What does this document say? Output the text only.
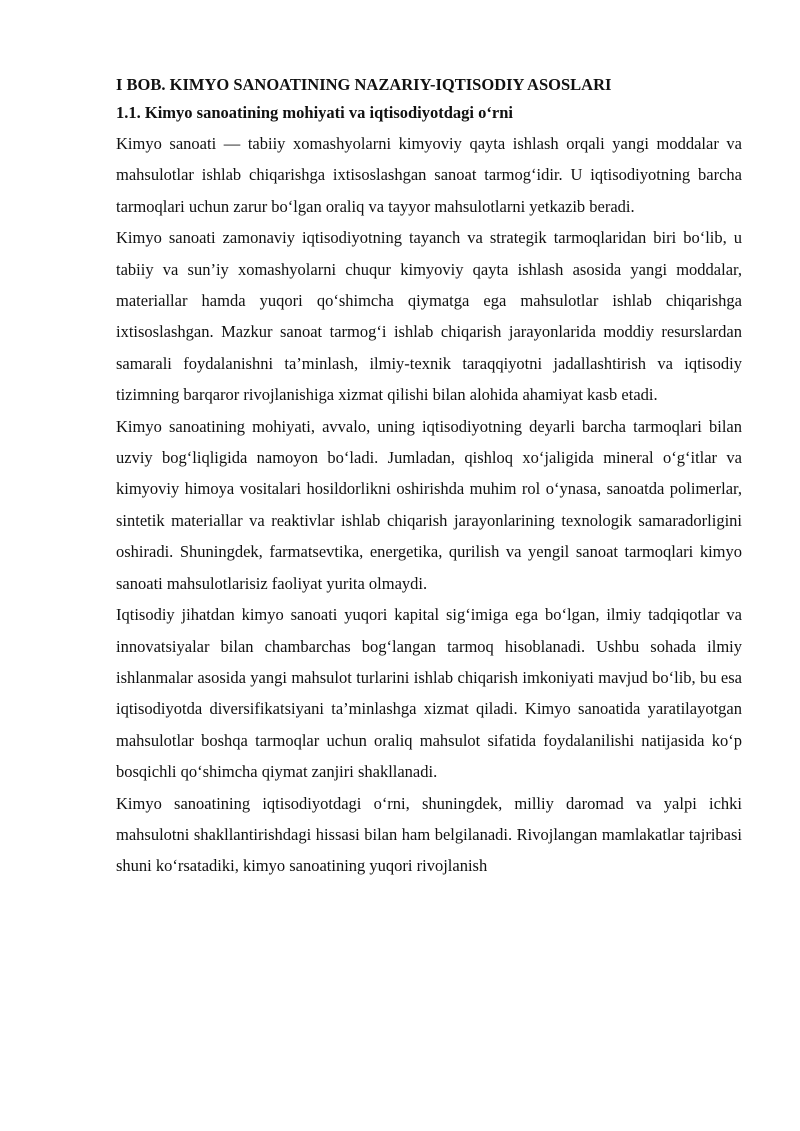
I BOB. KIMYO SANOATINING NAZARIY-IQTISODIY ASOSLARI
1.1. Kimyo sanoatining mohiyati va iqtisodiyotdagi o‘rni

Kimyo sanoati — tabiiy xomashyolarni kimyoviy qayta ishlash orqali yangi moddalar va mahsulotlar ishlab chiqarishga ixtisoslashgan sanoat tarmog‘idir. U iqtisodiyotning barcha tarmoqlari uchun zarur bo‘lgan oraliq va tayyor mahsulotlarni yetkazib beradi.

Kimyo sanoati zamonaviy iqtisodiyotning tayanch va strategik tarmoqlaridan biri bo‘lib, u tabiiy va sun’iy xomashyolarni chuqur kimyoviy qayta ishlash asosida yangi moddalar, materiallar hamda yuqori qo‘shimcha qiymatga ega mahsulotlar ishlab chiqarishga ixtisoslashgan. Mazkur sanoat tarmog‘i ishlab chiqarish jarayonlarida moddiy resurslardan samarali foydalanishni ta’minlash, ilmiy-texnik taraqqiyotni jadallashtirish va iqtisodiy tizimning barqaror rivojlanishiga xizmat qilishi bilan alohida ahamiyat kasb etadi.

Kimyo sanoatining mohiyati, avvalo, uning iqtisodiyotning deyarli barcha tarmoqlari bilan uzviy bog‘liqligida namoyon bo‘ladi. Jumladan, qishloq xo‘jaligida mineral o‘g‘itlar va kimyoviy himoya vositalari hosildorlikni oshirishda muhim rol o‘ynasa, sanoatda polimerlar, sintetik materiallar va reaktivlar ishlab chiqarish jarayonlarining texnologik samaradorligini oshiradi. Shuningdek, farmatsevtika, energetika, qurilish va yengil sanoat tarmoqlari kimyo sanoati mahsulotlarisiz faoliyat yurita olmaydi.

Iqtisodiy jihatdan kimyo sanoati yuqori kapital sig‘imiga ega bo‘lgan, ilmiy tadqiqotlar va innovatsiyalar bilan chambarchas bog‘langan tarmoq hisoblanadi. Ushbu sohada ilmiy ishlanmalar asosida yangi mahsulot turlarini ishlab chiqarish imkoniyati mavjud bo‘lib, bu esa iqtisodiyotda diversifikatsiyani ta’minlashga xizmat qiladi. Kimyo sanoatida yaratilayotgan mahsulotlar boshqa tarmoqlar uchun oraliq mahsulot sifatida foydalanilishi natijasida ko‘p bosqichli qo‘shimcha qiymat zanjiri shakllanadi.

Kimyo sanoatining iqtisodiyotdagi o‘rni, shuningdek, milliy daromad va yalpi ichki mahsulotni shakllantirishdagi hissasi bilan ham belgilanadi. Rivojlangan mamlakatlar tajribasi shuni ko‘rsatadiki, kimyo sanoatining yuqori rivojlanish
